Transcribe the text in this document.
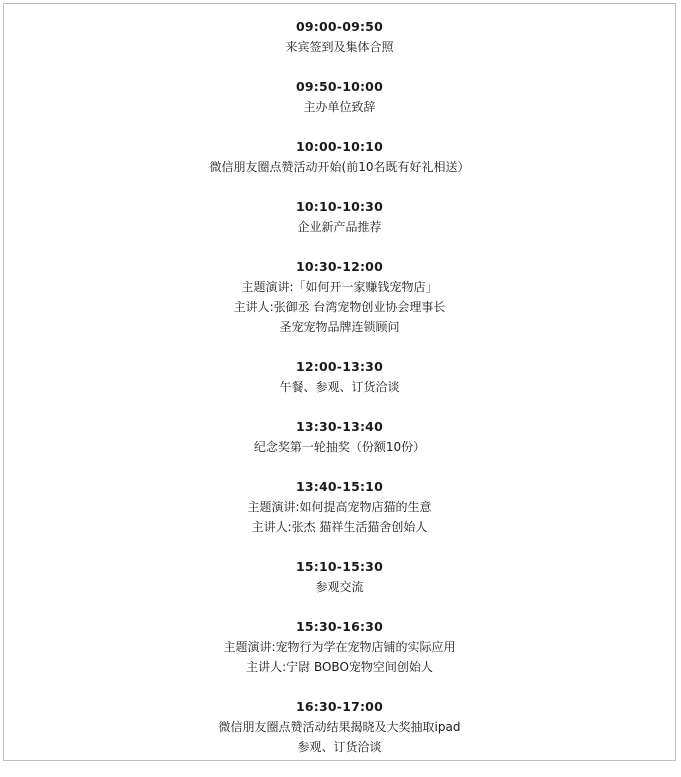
09:00-09:50
来宾签到及集体合照
09:50-10:00
主办单位致辞
10:00-10:10
微信朋友圈点赞活动开始(前10名既有好礼相送）
10:10-10:30
企业新产品推荐
10:30-12:00
主题演讲:「如何开一家赚钱宠物店」
主讲人:张御丞 台湾宠物创业协会理事长
圣宠宠物品牌连锁顾问
12:00-13:30
午餐、参观、订货洽谈
13:30-13:40
纪念奖第一轮抽奖（份额10份）
13:40-15:10
主题演讲:如何提高宠物店猫的生意
主讲人:张杰 猫祥生活猫舍创始人
15:10-15:30
参观交流
15:30-16:30
主题演讲:宠物行为学在宠物店铺的实际应用
主讲人:宁尉 BOBO宠物空间创始人
16:30-17:00
微信朋友圈点赞活动结果揭晓及大奖抽取ipad
参观、订货洽谈
